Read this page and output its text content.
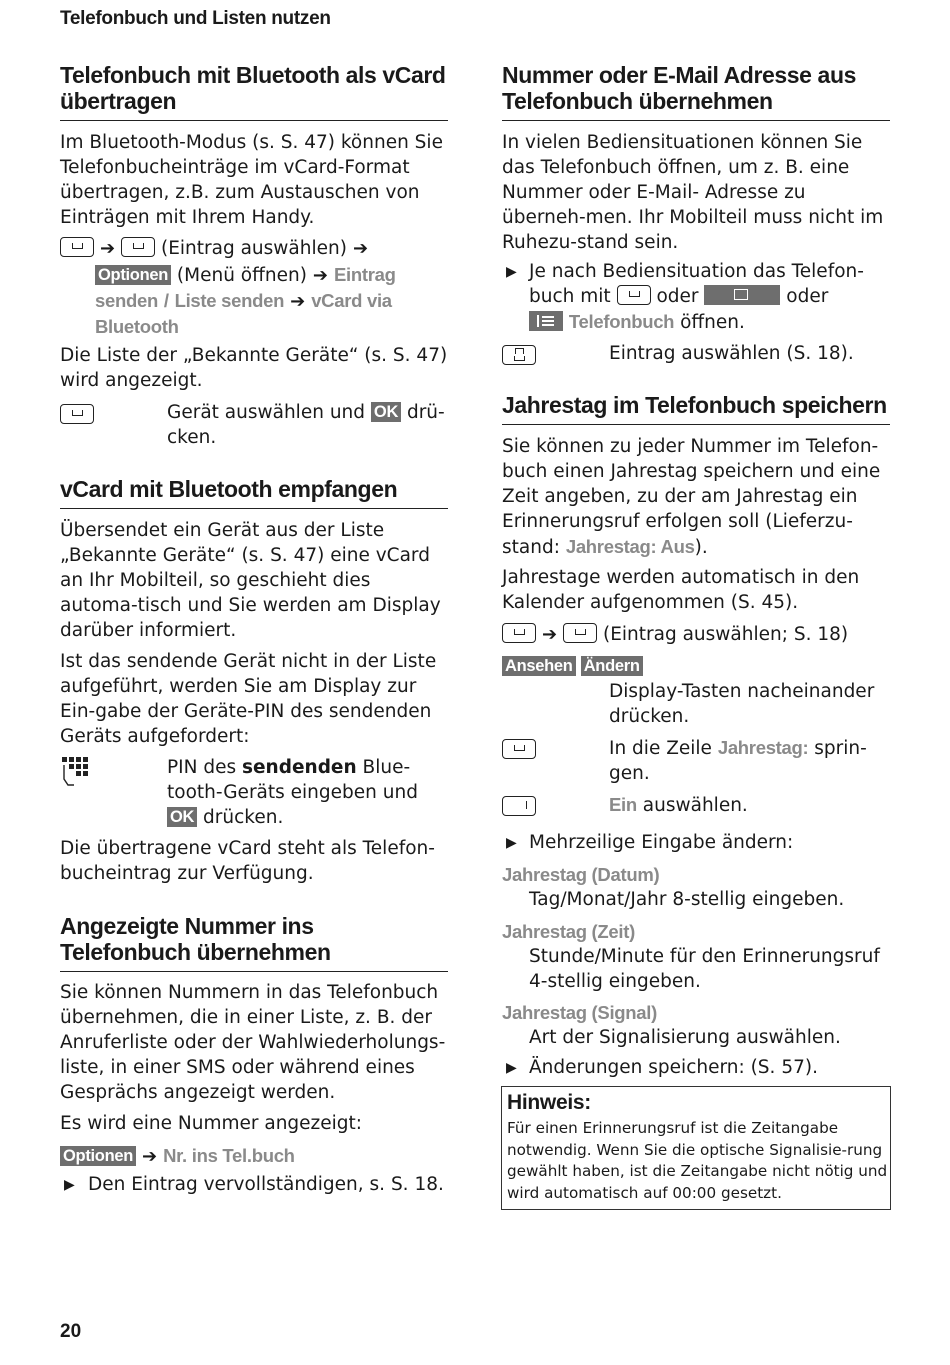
Telefonbuch und Listen nutzen
Telefonbuch mit Bluetooth als vCard übertragen
Im Bluetooth-Modus (s. S. 47) können Sie Telefonbucheinträge im vCard-Format übertragen, z.B. zum Austauschen von Einträgen mit Ihrem Handy.
➔ (Eintrag auswählen) ➔
Optionen (Menü öffnen) ➔ Eintrag senden / Liste senden ➔ vCard via Bluetooth
Die Liste der „Bekannte Geräte“ (s. S. 47) wird angezeigt.
Gerät auswählen und OK drü-cken.
vCard mit Bluetooth empfangen
Übersendet ein Gerät aus der Liste „Bekannte Geräte“ (s. S. 47) eine vCard an Ihr Mobilteil, so geschieht dies automa-tisch und Sie werden am Display darüber informiert.
Ist das sendende Gerät nicht in der Liste aufgeführt, werden Sie am Display zur Ein-gabe der Geräte-PIN des sendenden Geräts aufgefordert:
PIN des sendenden Blue-tooth-Geräts eingeben und OK drücken.
Die übertragene vCard steht als Telefon-bucheintrag zur Verfügung.
Angezeigte Nummer ins Telefonbuch übernehmen
Sie können Nummern in das Telefonbuch übernehmen, die in einer Liste, z. B. der Anruferliste oder der Wahlwiederholungs-liste, in einer SMS oder während eines Gesprächs angezeigt werden.
Es wird eine Nummer angezeigt:
Optionen ➔ Nr. ins Tel.buch
▶ Den Eintrag vervollständigen, s. S. 18.
Nummer oder E-Mail Adresse aus Telefonbuch übernehmen
In vielen Bediensituationen können Sie das Telefonbuch öffnen, um z. B. eine Nummer oder E-Mail- Adresse zu überneh-men. Ihr Mobilteil muss nicht im Ruhezu-stand sein.
▶ Je nach Bediensituation das Telefon-buch mit oder	oder
Telefonbuch öffnen.
Eintrag auswählen (S. 18).
Jahrestag im Telefonbuch speichern
Sie können zu jeder Nummer im Telefon-buch einen Jahrestag speichern und eine Zeit angeben, zu der am Jahrestag ein Erinnerungsruf erfolgen soll (Lieferzu-stand: Jahrestag: Aus).
Jahrestage werden automatisch in den Kalender aufgenommen (S. 45).
➔ (Eintrag auswählen; S. 18)
Ansehen Ändern
Display-Tasten nacheinander drücken.
In die Zeile Jahrestag: sprin-gen.
Ein auswählen.
▶ Mehrzeilige Eingabe ändern:
Jahrestag (Datum)
Tag/Monat/Jahr 8-stellig eingeben.
Jahrestag (Zeit)
Stunde/Minute für den Erinnerungsruf 4-stellig eingeben.
Jahrestag (Signal)
Art der Signalisierung auswählen.
▶ Änderungen speichern: (S. 57).
Hinweis:
Für einen Erinnerungsruf ist die Zeitangabe notwendig. Wenn Sie die optische Signalisie-rung gewählt haben, ist die Zeitangabe nicht nötig und wird automatisch auf 00:00 gesetzt.
20
